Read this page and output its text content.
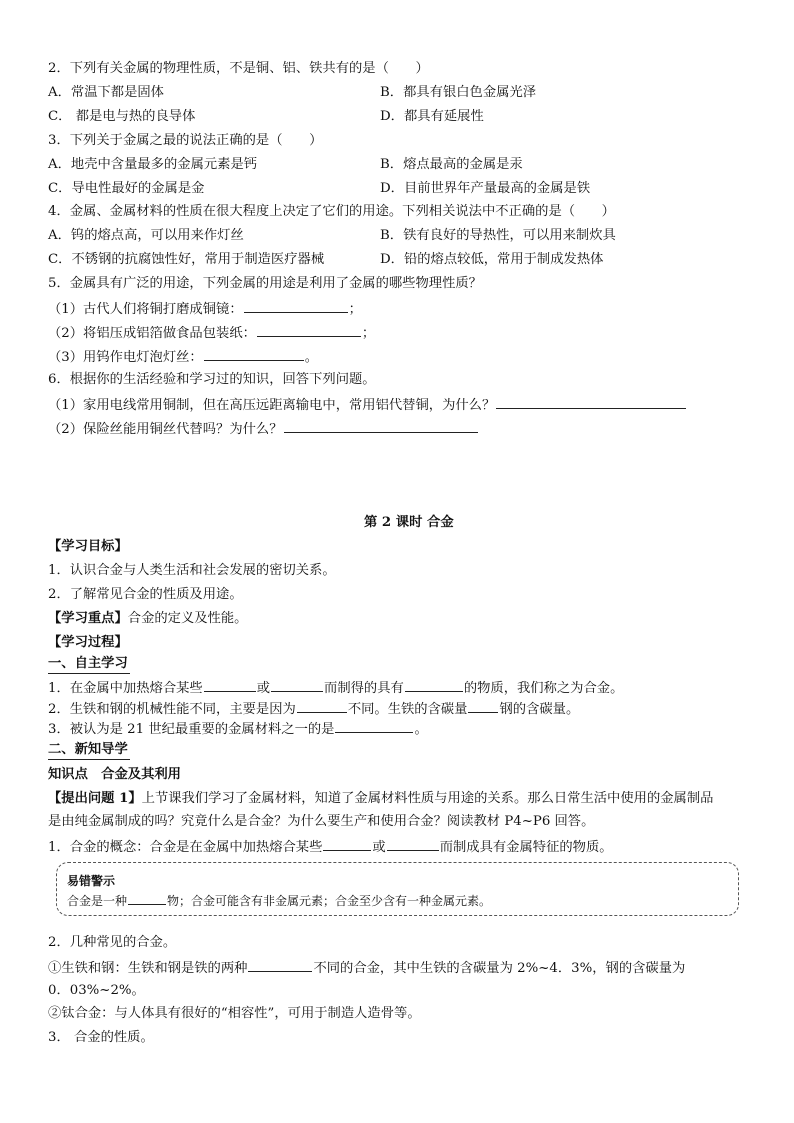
2．下列有关金属的物理性质，不是铜、铝、铁共有的是（　　）
A．常温下都是固体	B．都具有银白色金属光泽
C． 都是电与热的良导体	D．都具有延展性
3．下列关于金属之最的说法正确的是（　　）
A．地壳中含量最多的金属元素是钙	B．熔点最高的金属是汞
C．导电性最好的金属是金	D．目前世界年产量最高的金属是铁
4．金属、金属材料的性质在很大程度上决定了它们的用途。下列相关说法中不正确的是（　　）
A．钨的熔点高，可以用来作灯丝	B．铁有良好的导热性，可以用来制炊具
C．不锈钢的抗腐蚀性好，常用于制造医疗器械	D．铅的熔点较低，常用于制成发热体
5．金属具有广泛的用途，下列金属的用途是利用了金属的哪些物理性质？
（1）古代人们将铜打磨成铜镜：	；
（2）将铝压成铝箔做食品包装纸：	；
（3）用钨作电灯泡灯丝：	。
6．根据你的生活经验和学习过的知识，回答下列问题。
（1）家用电线常用铜制，但在高压远距离输电中，常用铝代替铜，为什么？
（2）保险丝能用铜丝代替吗？为什么？
第 2 课时 合金
【学习目标】
1．认识合金与人类生活和社会发展的密切关系。
2．了解常见合金的性质及用途。
【学习重点】合金的定义及性能。
【学习过程】
一、自主学习
1．在金属中加热熔合某些	或	而制得的具有	的物质，我们称之为合金。
2．生铁和钢的机械性能不同，主要是因为	不同。生铁的含碳量 钢的含碳量。
3．被认为是 21 世纪最重要的金属材料之一的是	。
二、新知导学
知识点　合金及其利用
【提出问题 1】上节课我们学习了金属材料，知道了金属材料性质与用途的关系。那么日常生活中使用的金属制品
是由纯金属制成的吗？究竟什么是合金？为什么要生产和使用合金？阅读教材 P4~P6 回答。
1．合金的概念：合金是在金属中加热熔合某些	或	而制成具有金属特征的物质。
易错警示
合金是一种	物；合金可能含有非金属元素；合金至少含有一种金属元素。
2．几种常见的合金。
①生铁和钢：生铁和钢是铁的两种	不同的合金，其中生铁的含碳量为 2%~4．3%，钢的含碳量为
0．03%~2%。
②钛合金：与人体具有很好的“相容性”，可用于制造人造骨等。
3． 合金的性质。
